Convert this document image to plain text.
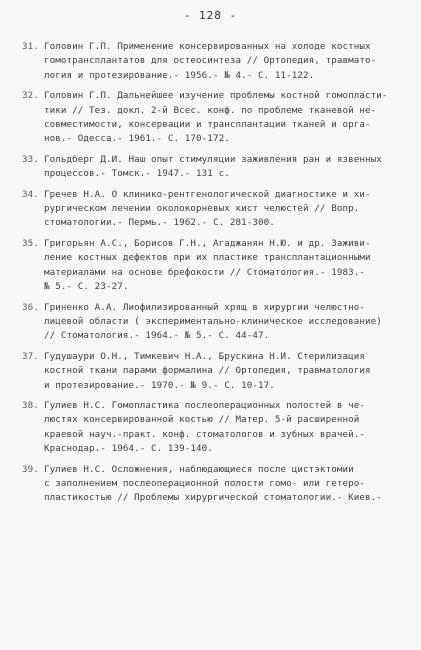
- 128 -
31. Головин Г.П. Применение консервированных на холоде костных
гомотрансплантатов для остеосинтеза // Ортопедия, травмато-
логия и протезирование.- 1956.- № 4.- С. 11-122.
32. Головин Г.П. Дальнейшее изучение проблемы костной гомопласти-
тики // Тез. докл. 2-й Всес. конф. по проблеме тканевой не-
совместимости, консервации и трансплантации тканей и орга-
нов.- Одесса.- 1961.- С. 170-172.
33. Гольдберг Д.И. Наш опыт стимуляции заживления ран и язвенных
процессов.- Томск.- 1947.- 131 с.
34. Гречев Н.А. О клинико-рентгенологической диагностике и хи-
рургическом лечении околокорневых кист челюстей // Вопр.
стоматологии.- Пермь.- 1962.- С. 281-300.
35. Григорьян А.С., Борисов Г.Н., Агаджанян Н.Ю. и др. Заживи-
ление костных дефектов при их пластике трансплантационными
материалами на основе брефокости // Стоматология.- 1983.-
№ 5.- С. 23-27.
36. Гриненко А.А. Лиофилизированный хрящ в хирургии челюстно-
лицевой области ( экспериментально-клиническое исследование)
// Стоматология.- 1964.- № 5.- С. 44-47.
37. Гудушаури О.Н., Тимкевич Н.А., Брускина Н.И. Стерилизация
костной ткани парами формалина // Ортопедия, травматология
и протезирование.- 1970.- № 9.- С. 10-17.
38. Гулиев Н.С. Гомопластика послеоперационных полостей в че-
люстях консервированной костью // Матер. 5-й расширенной
краевой науч.-практ. конф. стоматологов и зубных врачей.-
Краснодар.- 1964.- С. 139-140.
39. Гулиев Н.С. Осложнения, наблюдающиеся после цистэктомии
с заполнением послеоперационной полости гомо- или гетеро-
пластикостью // Проблемы хирургической стоматологии.- Киев.-
